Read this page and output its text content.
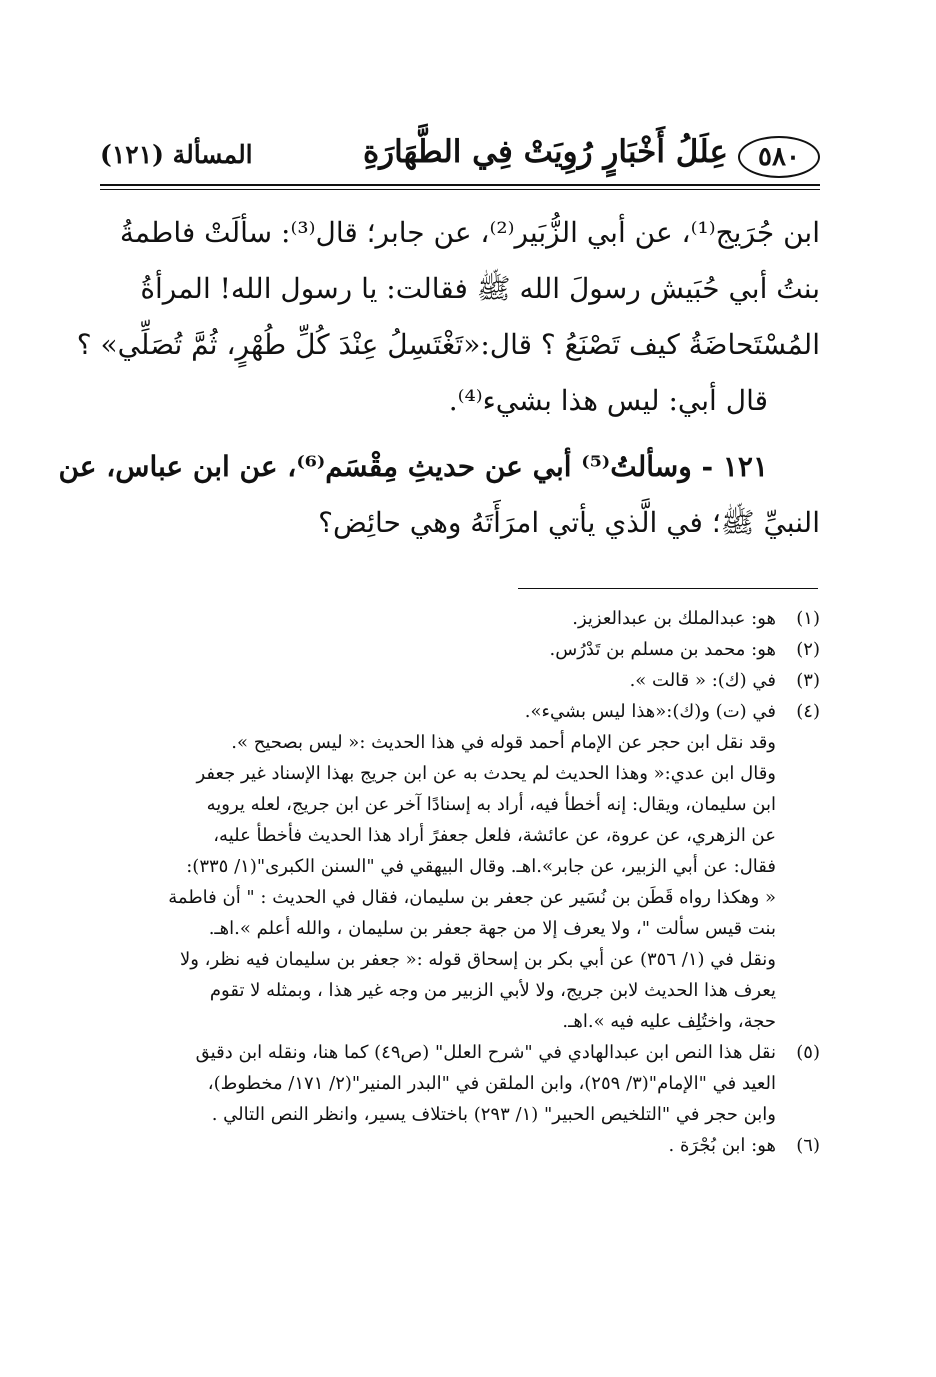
٥٨٠
عِلَلُ أَخْبَارٍ رُوِيَتْ فِي الطَّهَارَةِ
المسألة (١٢١)
ابن جُرَيج⁽¹⁾، عن أبي الزُّبَير⁽²⁾، عن جابر؛ قال⁽³⁾: سألَتْ فاطمةُ
بنتُ أبي حُبَيش رسولَ الله ﷺ فقالت: يا رسول الله! المرأةُ
المُسْتَحاضَةُ كيف تَصْنَعُ ؟ قال:«تَغْتَسِلُ عِنْدَ كُلِّ طُهْرٍ، ثُمَّ تُصَلِّي» ؟
قال أبي: ليس هذا بشيء⁽⁴⁾.
١٢١ - وسألتُ⁽⁵⁾ أبي عن حديثِ مِقْسَم⁽⁶⁾، عن ابن عباس، عن
النبيِّ ﷺ؛ في الَّذي يأتي امرَأَتَهُ وهي حائِض؟
(١)
هو: عبدالملك بن عبدالعزيز.
(٢)
هو: محمد بن مسلم بن تَدْرُس.
(٣)
في (ك): « قالت ».
(٤)
في (ت) و(ك):«هذا ليس بشيء».
وقد نقل ابن حجر عن الإمام أحمد قوله في هذا الحديث :« ليس بصحيح ».
وقال ابن عدي:« وهذا الحديث لم يحدث به عن ابن جريج بهذا الإسناد غير جعفر
ابن سليمان، ويقال: إنه أخطأ فيه، أراد به إسنادًا آخر عن ابن جريج، لعله يرويه
عن الزهري، عن عروة، عن عائشة، فلعل جعفرً أراد هذا الحديث فأخطأ عليه،
فقال: عن أبي الزبير، عن جابر».اهـ. وقال البيهقي في "السنن الكبرى"(١/ ٣٣٥):
« وهكذا رواه قَطَن بن نُسَير عن جعفر بن سليمان، فقال في الحديث : " أن فاطمة
بنت قيس سألت "، ولا يعرف إلا من جهة جعفر بن سليمان ، والله أعلم ».اهـ.
ونقل في (١/ ٣٥٦) عن أبي بكر بن إسحاق قوله :« جعفر بن سليمان فيه نظر، ولا
يعرف هذا الحديث لابن جريج، ولا لأبي الزبير من وجه غير هذا ، وبمثله لا تقوم
حجة، واختُلِف عليه فيه ».اهـ.
(٥)
نقل هذا النص ابن عبدالهادي في "شرح العلل" (ص٤٩) كما هنا، ونقله ابن دقيق
العيد في "الإمام"(٣/ ٢٥٩)، وابن الملقن في "البدر المنير"(٢/ ١٧١/ مخطوط)،
وابن حجر في "التلخيص الحبير" (١/ ٢٩٣) باختلاف يسير، وانظر النص التالي .
(٦)
هو: ابن بُجْرَة .
